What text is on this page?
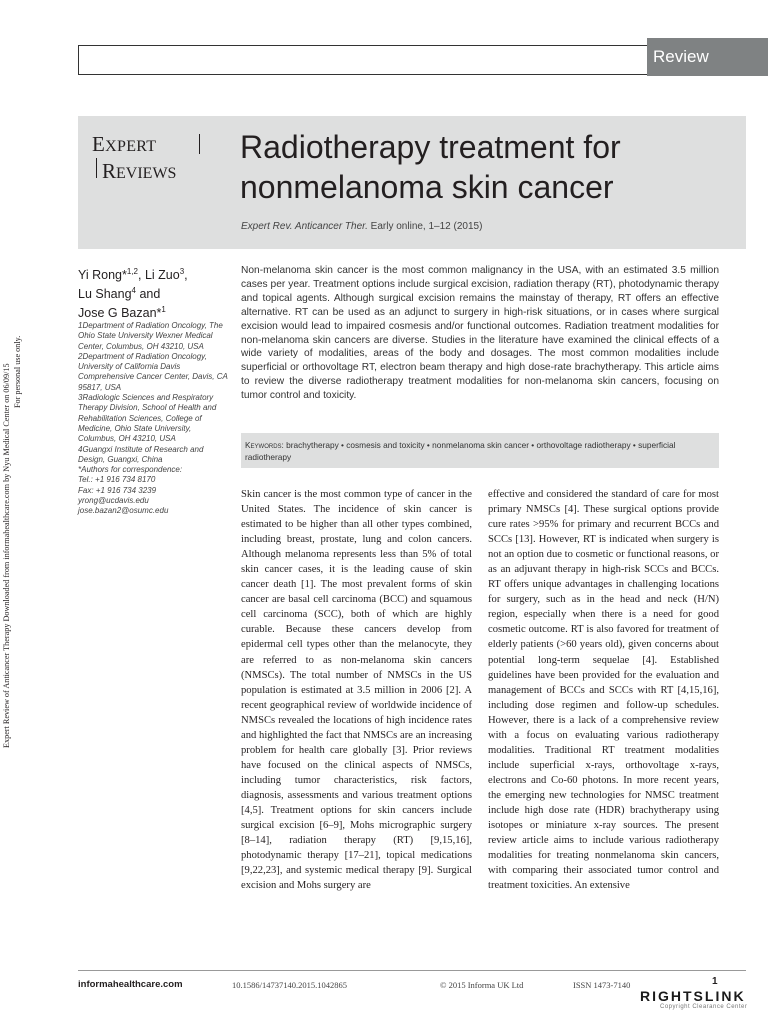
Review
EXPERT
REVIEWS
Radiotherapy treatment for nonmelanoma skin cancer
Expert Rev. Anticancer Ther. Early online, 1–12 (2015)
Yi Rong*$^{1,2}$, Li Zuo$^3$,
Lu Shang$^4$ and
Jose G Bazan*$^1$

1Department of Radiation Oncology, The Ohio State University Wexner Medical Center, Columbus, OH 43210, USA

2Department of Radiation Oncology, University of California Davis Comprehensive Cancer Center, Davis, CA 95817, USA

3Radiologic Sciences and Respiratory Therapy Division, School of Health and Rehabilitation Sciences, College of Medicine, Ohio State University, Columbus, OH 43210, USA

4Guangxi Institute of Research and Design, Guangxi, China

*Authors for correspondence:

Tel.: +1 916 734 8170

Fax: +1 916 734 3239

yrong@ucdavis.edu

jose.bazan2@osumc.edu

Non-melanoma skin cancer is the most common malignancy in the USA, with an estimated 3.5 million cases per year. Treatment options include surgical excision, radiation therapy (RT), photodynamic therapy and topical agents. Although surgical excision remains the mainstay of therapy, RT offers an effective alternative. RT can be used as an adjunct to surgery in high-risk situations, or in cases where surgical excision would lead to impaired cosmesis and/or functional outcomes. Radiation treatment modalities for non-melanoma skin cancers are diverse. Studies in the literature have examined the clinical effects of a wide variety of modalities, areas of the body and dosages. The most common modalities include superficial or orthovoltage RT, electron beam therapy and high dose-rate brachytherapy. This article aims to review the diverse radiotherapy treatment modalities for non-melanoma skin cancers, focusing on tumor control and toxicity.
Keywords: brachytherapy • cosmesis and toxicity • nonmelanoma skin cancer • orthovoltage radiotherapy • superficial radiotherapy
Skin cancer is the most common type of cancer in the United States. The incidence of skin cancer is estimated to be higher than all other types combined, including breast, prostate, lung and colon cancers. Although melanoma represents less than 5% of total skin cancer cases, it is the leading cause of skin cancer death [1]. The most prevalent forms of skin cancer are basal cell carcinoma (BCC) and squamous cell carcinoma (SCC), both of which are highly curable. Because these cancers develop from epidermal cell types other than the melanocyte, they are referred to as non-melanoma skin cancers (NMSCs). The total number of NMSCs in the US population is estimated at 3.5 million in 2006 [2]. A recent geographical review of worldwide incidence of NMSCs revealed the locations of high incidence rates and highlighted the fact that NMSCs are an increasing problem for health care globally [3]. Prior reviews have focused on the clinical aspects of NMSCs, including tumor characteristics, risk factors, diagnosis, assessments and various treatment options [4,5]. Treatment options for skin cancers include surgical excision [6–9], Mohs micrographic surgery [8–14], radiation therapy (RT) [9,15,16], photodynamic therapy [17–21], topical medications [9,22,23], and systemic medical therapy [9]. Surgical excision and Mohs surgery are
effective and considered the standard of care for most primary NMSCs [4]. These surgical options provide cure rates >95% for primary and recurrent BCCs and SCCs [13]. However, RT is indicated when surgery is not an option due to cosmetic or functional reasons, or as an adjuvant therapy in high-risk SCCs and BCCs. RT offers unique advantages in challenging locations for surgery, such as in the head and neck (H/N) region, especially when there is a need for good cosmetic outcome. RT is also favored for treatment of elderly patients (>60 years old), given concerns about potential long-term sequelae [4]. Established guidelines have been provided for the evaluation and management of BCCs and SCCs with RT [4,15,16], including dose regimen and follow-up schedules. However, there is a lack of a comprehensive review with a focus on evaluating various radiotherapy modalities. Traditional RT treatment modalities include superficial x-rays, orthovoltage x-rays, electrons and Co-60 photons. In more recent years, the emerging new technologies for NMSC treatment include high dose rate (HDR) brachytherapy using isotopes or miniature x-ray sources. The present review article aims to include various radiotherapy modalities for treating nonmelanoma skin cancers, with comparing their associated tumor control and treatment toxicities. An extensive
informahealthcare.com	10.1586/14737140.2015.1042865	© 2015 Informa UK Ltd	ISSN 1473-7140	1
RIGHTSLINK
Copyright Clearance Center
Expert Review of Anticancer Therapy Downloaded from informahealthcare.com by Nyu Medical Center on 06/09/15 For personal use only.
